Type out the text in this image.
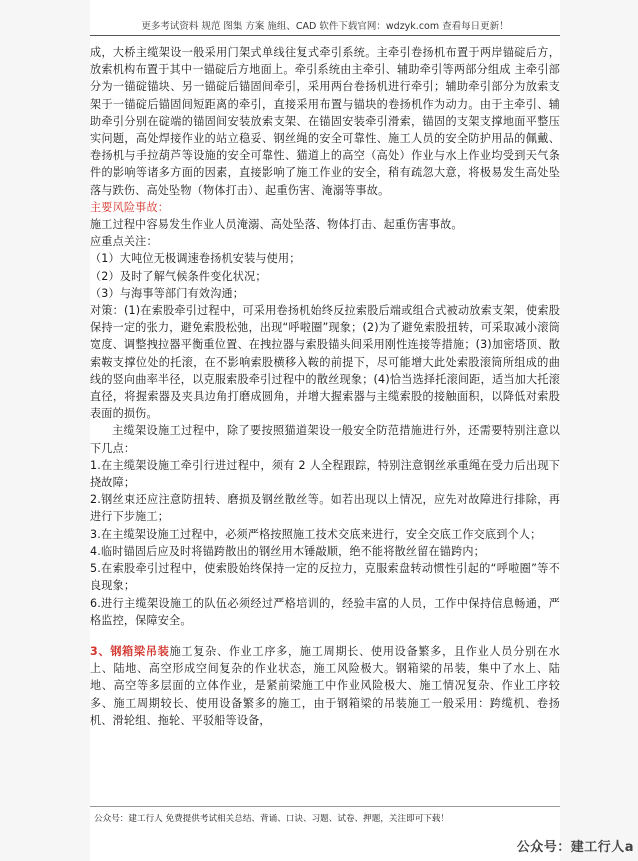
更多考试资料 规范 图集 方案 施组、CAD 软件下载官网：wdzyk.com 查看每日更新！

成，大桥主缆架设一般采用门架式单线往复式牵引系统。主牵引卷扬机布置于两岸锚碇后方，放索机构布置于其中一锚碇后方地面上。牵引系统由主牵引、辅助牵引等两部分组成 主牵引部分为一锚碇锚块、另一锚碇后锚固间牵引，采用两台卷扬机进行牵引；辅助牵引部分为放索支架于一锚碇后锚固间短距离的牵引，直接采用布置与锚块的卷扬机作为动力。由于主牵引、辅助牵引分别在碇端的锚固间安装放索支架、在锚固安装牵引滑索，锚固的支架支撑地面平整压实问题，高处焊接作业的站立稳妥、钢丝绳的安全可靠性、施工人员的安全防护用品的佩戴、卷扬机与手拉葫芦等设施的安全可靠性、猫道上的高空（高处）作业与水上作业均受到天气条件的影响等诸多方面的因素，直接影响了施工作业的安全，稍有疏忽大意，将极易发生高处坠落与跌伤、高处坠物（物体打击）、起重伤害、淹溺等事故。

主要风险事故：

施工过程中容易发生作业人员淹溺、高处坠落、物体打击、起重伤害事故。

应重点关注：

（1）大吨位无极调速卷扬机安装与使用；

（2）及时了解气候条件变化状况；

（3）与海事等部门有效沟通；

对策：(1)在索股牵引过程中，可采用卷扬机始终反拉索股后端或组合式被动放索支架，使索股保持一定的张力，避免索股松弛，出现“呼啦圈”现象；(2)为了避免索股扭转，可采取减小滚筒宽度、调整拽拉器平衡重位置、在拽拉器与索股锚头间采用刚性连接等措施；(3)加密塔顶、散索鞍支撑位处的托滚，在不影响索股横移入鞍的前提下，尽可能增大此处索股滚筒所组成的曲线的竖向曲率半径，以克服索股牵引过程中的散丝现象；(4)恰当选择托滚间距，适当加大托滚直径，将握索器及夹具边角打磨成圆角，并增大握索器与主缆索股的接触面积，以降低对索股表面的损伤。

主缆架设施工过程中，除了要按照猫道架设一般安全防范措施进行外，还需要特别注意以下几点：

1.在主缆架设施工牵引行进过程中，须有 2 人全程跟踪，特别注意钢丝承重绳在受力后出现下挠故障；

2.钢丝束还应注意防扭转、磨损及钢丝散丝等。如若出现以上情况，应先对故障进行排除，再进行下步施工；

3.在主缆架设施工过程中，必须严格按照施工技术交底来进行，安全交底工作交底到个人；

4.临时锚固后应及时将锚跨散出的钢丝用木锤敲顺，绝不能将散丝留在锚跨内；

5.在索股牵引过程中，使索股始终保持一定的反拉力，克服索盘转动惯性引起的“呼啦圈”等不良现象；

6.进行主缆架设施工的队伍必须经过严格培训的，经验丰富的人员，工作中保持信息畅通，严格监控，保障安全。

3、钢箱梁吊装施工复杂、作业工序多，施工周期长、使用设备繁多，且作业人员分别在水上、陆地、高空形成空间复杂的作业状态，施工风险极大。钢箱梁的吊装，集中了水上、陆地、高空等多层面的立体作业，是紧前梁施工中作业风险极大、施工情况复杂、作业工序较多、施工周期较长、使用设备繁多的施工，由于钢箱梁的吊装施工一般采用：跨缆机、卷扬机、滑轮组、拖轮、平驳船等设备，

公众号：建工行人 免费提供考试相关总结、背诵、口诀、习题、试卷、押题，关注即可下载！
公众号：建工行人a
